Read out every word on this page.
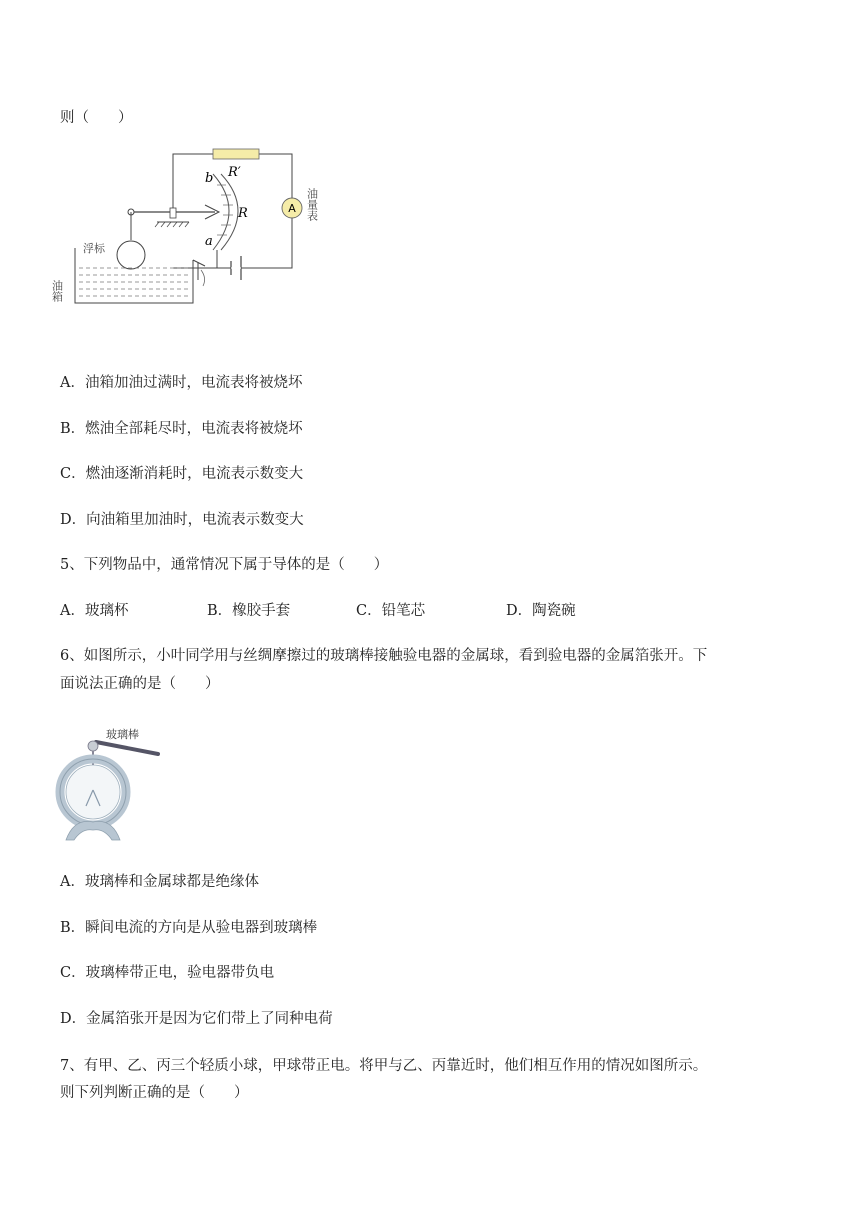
则（　　）
A
b
a
R
R′
浮标
油箱
油量表
A．油箱加油过满时，电流表将被烧坏
B．燃油全部耗尽时，电流表将被烧坏
C．燃油逐渐消耗时，电流表示数变大
D．向油箱里加油时，电流表示数变大
5、下列物品中，通常情况下属于导体的是（　　）
A．玻璃杯	B．橡胶手套	C．铅笔芯	D．陶瓷碗
6、如图所示，小叶同学用与丝绸摩擦过的玻璃棒接触验电器的金属球，看到验电器的金属箔张开。下
面说法正确的是（　　）
玻璃棒
A．玻璃棒和金属球都是绝缘体
B．瞬间电流的方向是从验电器到玻璃棒
C．玻璃棒带正电，验电器带负电
D．金属箔张开是因为它们带上了同种电荷
7、有甲、乙、丙三个轻质小球，甲球带正电。将甲与乙、丙靠近时，他们相互作用的情况如图所示。
则下列判断正确的是（　　）
